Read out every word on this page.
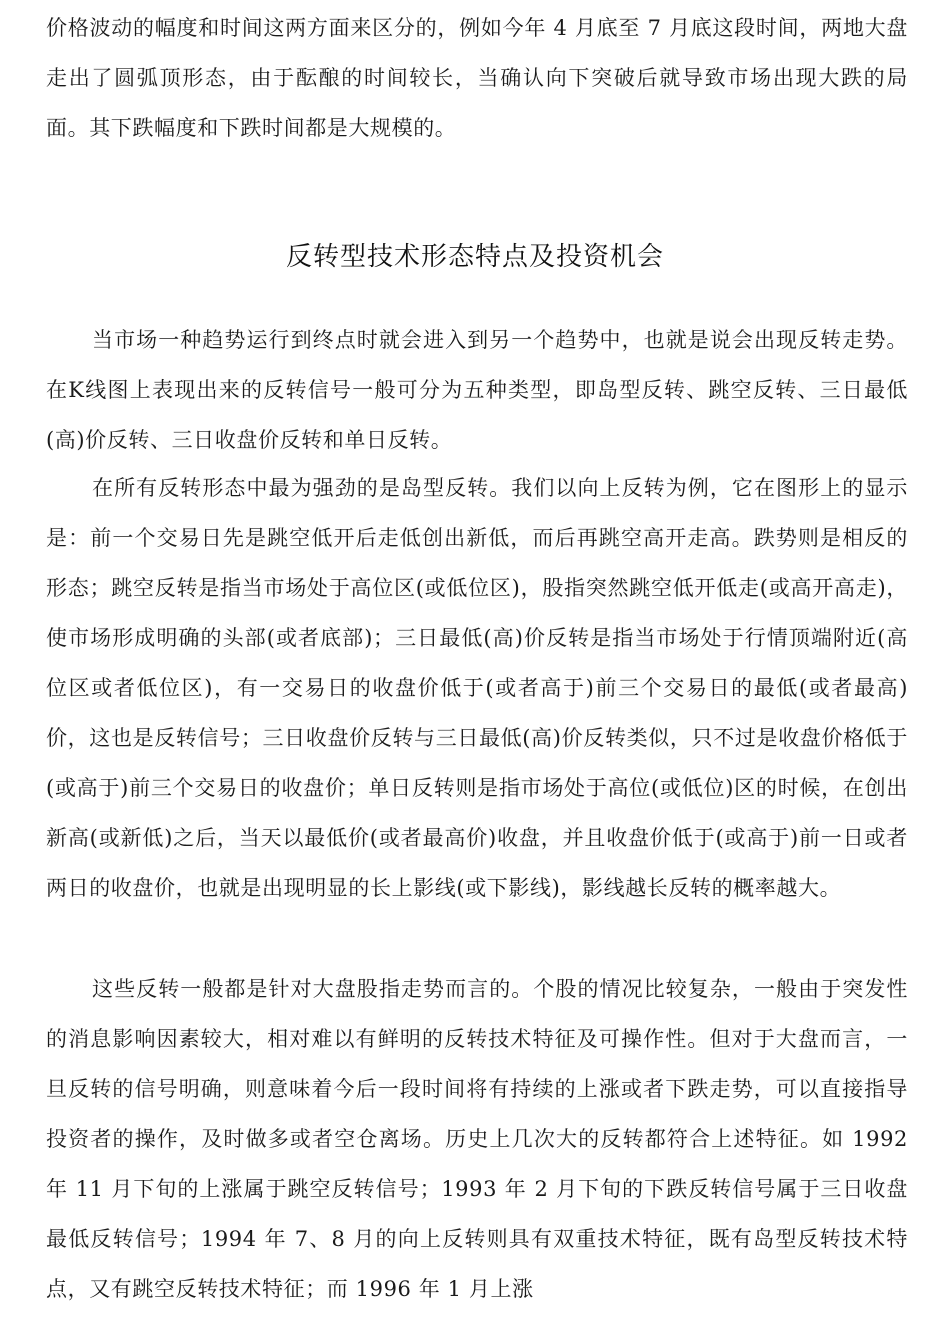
价格波动的幅度和时间这两方面来区分的，例如今年 4 月底至 7 月底这段时间，两地大盘走出了圆弧顶形态，由于酝酿的时间较长，当确认向下突破后就导致市场出现大跌的局面。其下跌幅度和下跌时间都是大规模的。

反转型技术形态特点及投资机会

当市场一种趋势运行到终点时就会进入到另一个趋势中，也就是说会出现反转走势。在K线图上表现出来的反转信号一般可分为五种类型，即岛型反转、跳空反转、三日最低(高)价反转、三日收盘价反转和单日反转。

在所有反转形态中最为强劲的是岛型反转。我们以向上反转为例，它在图形上的显示是：前一个交易日先是跳空低开后走低创出新低，而后再跳空高开走高。跌势则是相反的形态；跳空反转是指当市场处于高位区(或低位区)，股指突然跳空低开低走(或高开高走)，使市场形成明确的头部(或者底部)；三日最低(高)价反转是指当市场处于行情顶端附近(高位区或者低位区)，有一交易日的收盘价低于(或者高于)前三个交易日的最低(或者最高)价，这也是反转信号；三日收盘价反转与三日最低(高)价反转类似，只不过是收盘价格低于(或高于)前三个交易日的收盘价；单日反转则是指市场处于高位(或低位)区的时候，在创出新高(或新低)之后，当天以最低价(或者最高价)收盘，并且收盘价低于(或高于)前一日或者两日的收盘价，也就是出现明显的长上影线(或下影线)，影线越长反转的概率越大。

这些反转一般都是针对大盘股指走势而言的。个股的情况比较复杂，一般由于突发性的消息影响因素较大，相对难以有鲜明的反转技术特征及可操作性。但对于大盘而言，一旦反转的信号明确，则意味着今后一段时间将有持续的上涨或者下跌走势，可以直接指导投资者的操作，及时做多或者空仓离场。历史上几次大的反转都符合上述特征。如 1992 年 11 月下旬的上涨属于跳空反转信号；1993 年 2 月下旬的下跌反转信号属于三日收盘最低反转信号；1994 年 7、8 月的向上反转则具有双重技术特征，既有岛型反转技术特点，又有跳空反转技术特征；而 1996 年 1 月上涨
